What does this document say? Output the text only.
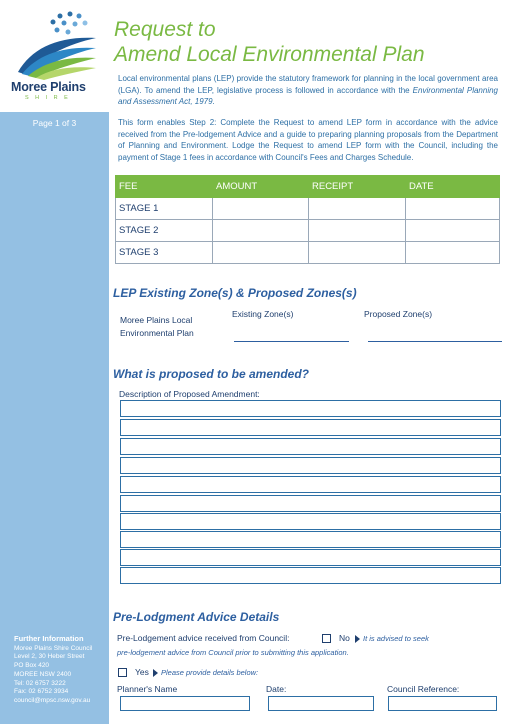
Moree Plains
SHIRE
Page 1 of 3
Further Information
Moree Plains Shire Council
Level 2, 30 Heber Street
PO Box 420
MOREE NSW 2400
Tel: 02 6757 3222
Fax: 02 6752 3934
council@mpsc.nsw.gov.au
Request to
Amend Local Environmental Plan
Local environmental plans (LEP) provide the statutory framework for planning in the local government area (LGA). To amend the LEP, legislative process is followed in accordance with the Environmental Planning and Assessment Act, 1979.
This form enables Step 2: Complete the Request to amend LEP form in accordance with the advice received from the Pre-lodgement Advice and a guide to preparing planning proposals from the Department of Planning and Environment. Lodge the Request to amend LEP form with the Council, including the payment of Stage 1 fees in accordance with Council's Fees and Charges Schedule.
FEE	AMOUNT	RECEIPT	DATE
STAGE 1			
STAGE 2			
STAGE 3			
LEP Existing Zone(s) & Proposed Zones(s)
Moree Plains Local Environmental Plan
Existing Zone(s)	Proposed Zone(s)
What is proposed to be amended?
Description of Proposed Amendment:
Pre-Lodgment Advice Details
Pre-Lodgement advice received from Council:	No It is advised to seek
pre-lodgement advice from Council prior to submitting this application.
Yes Please provide details below:
Planner's Name	Date:	Council Reference:
